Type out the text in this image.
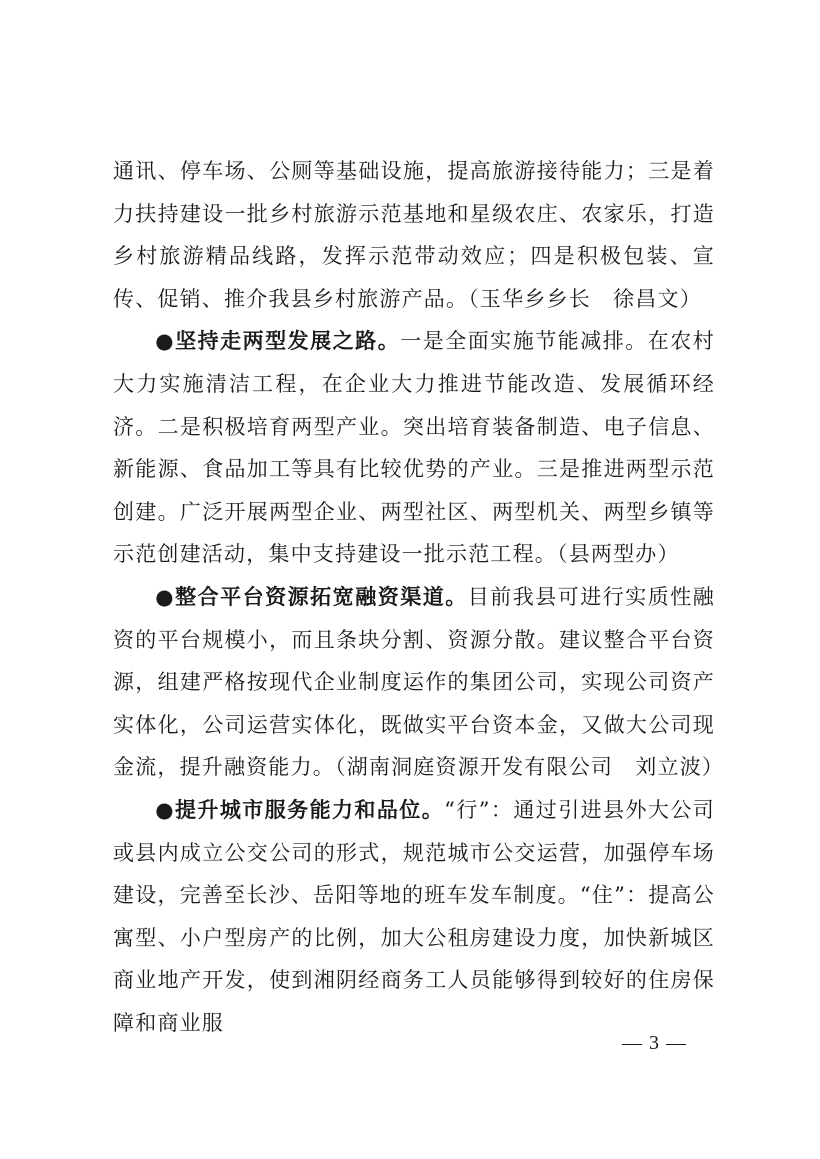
通讯、停车场、公厕等基础设施，提高旅游接待能力；三是着力扶持建设一批乡村旅游示范基地和星级农庄、农家乐，打造乡村旅游精品线路，发挥示范带动效应；四是积极包装、宣传、促销、推介我县乡村旅游产品。（玉华乡乡长　徐昌文）

●坚持走两型发展之路。一是全面实施节能减排。在农村大力实施清洁工程，在企业大力推进节能改造、发展循环经济。二是积极培育两型产业。突出培育装备制造、电子信息、新能源、食品加工等具有比较优势的产业。三是推进两型示范创建。广泛开展两型企业、两型社区、两型机关、两型乡镇等示范创建活动，集中支持建设一批示范工程。（县两型办）

●整合平台资源拓宽融资渠道。目前我县可进行实质性融资的平台规模小，而且条块分割、资源分散。建议整合平台资源，组建严格按现代企业制度运作的集团公司，实现公司资产实体化，公司运营实体化，既做实平台资本金，又做大公司现金流，提升融资能力。（湖南洞庭资源开发有限公司　刘立波）

●提升城市服务能力和品位。“行”：通过引进县外大公司或县内成立公交公司的形式，规范城市公交运营，加强停车场建设，完善至长沙、岳阳等地的班车发车制度。“住”：提高公寓型、小户型房产的比例，加大公租房建设力度，加快新城区商业地产开发，使到湘阴经商务工人员能够得到较好的住房保障和商业服

— 3 —
